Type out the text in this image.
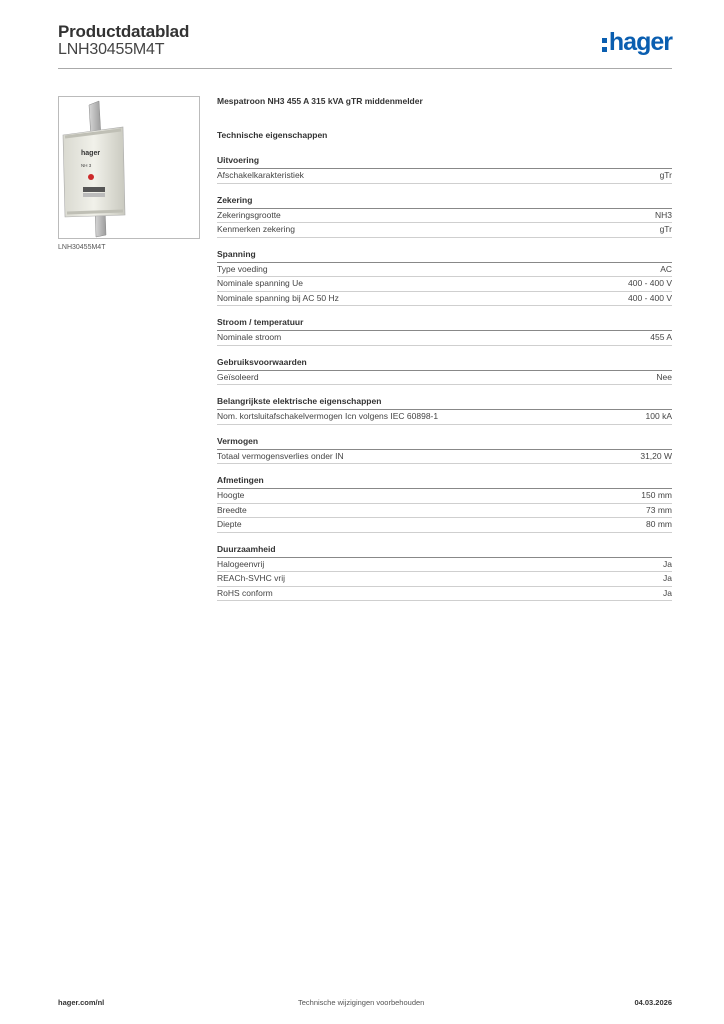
Productdatablad
LNH30455M4T	hager
hager
NH 3
LNH30455M4T
Mespatroon NH3 455 A 315 kVA gTR middenmelder
Technische eigenschappen
Uitvoering
Afschakelkarakteristiek	gTr
Zekering
Zekeringsgrootte	NH3
Kenmerken zekering	gTr
Spanning
Type voeding	AC
Nominale spanning Ue	400 - 400 V
Nominale spanning bij AC 50 Hz	400 - 400 V
Stroom / temperatuur
Nominale stroom	455 A
Gebruiksvoorwaarden
Geïsoleerd	Nee
Belangrijkste elektrische eigenschappen
Nom. kortsluitafschakelvermogen Icn volgens IEC 60898-1	100 kA
Vermogen
Totaal vermogensverlies onder IN	31,20 W
Afmetingen
Hoogte	150 mm
Breedte	73 mm
Diepte	80 mm
Duurzaamheid
Halogeenvrij	Ja
REACh-SVHC vrij	Ja
RoHS conform	Ja
hager.com/nl	Technische wijzigingen voorbehouden	04.03.2026
